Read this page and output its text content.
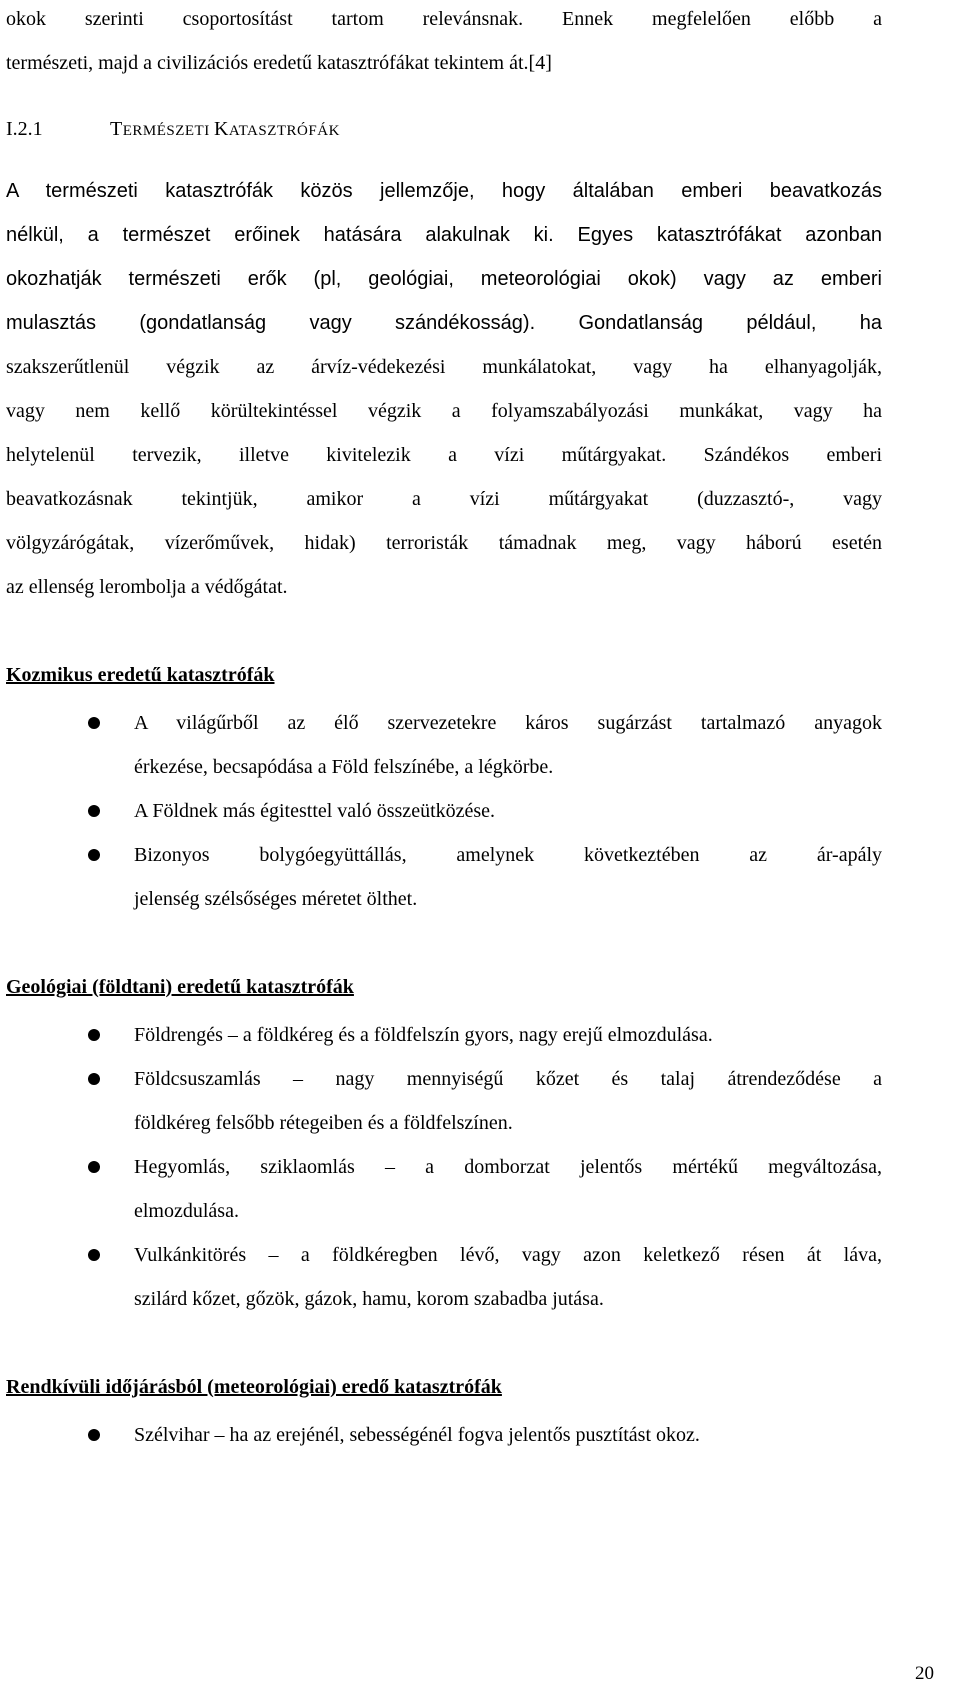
okok szerinti csoportosítást tartom relevánsnak. Ennek megfelelően előbb a
természeti, majd a civilizációs eredetű katasztrófákat tekintem át.[4]
I.2.1	TERMÉSZETI KATASZTRÓFÁK
A természeti katasztrófák közös jellemzője, hogy általában emberi beavatkozás
nélkül, a természet erőinek hatására alakulnak ki. Egyes katasztrófákat azonban
okozhatják természeti erők (pl, geológiai, meteorológiai okok) vagy az emberi
mulasztás (gondatlanság vagy szándékosság). Gondatlanság például, ha
szakszerűtlenül végzik az árvíz-védekezési munkálatokat, vagy ha elhanyagolják,
vagy nem kellő körültekintéssel végzik a folyamszabályozási munkákat, vagy ha
helytelenül tervezik, illetve kivitelezik a vízi műtárgyakat. Szándékos emberi
beavatkozásnak tekintjük, amikor a vízi műtárgyakat (duzzasztó-, vagy
völgyzárógátak, vízerőművek, hidak) terroristák támadnak meg, vagy háború esetén
az ellenség lerombolja a védőgátat.
Kozmikus eredetű katasztrófák
A világűrből az élő szervezetekre káros sugárzást tartalmazó anyagok
érkezése, becsapódása a Föld felszínébe, a légkörbe.
A Földnek más égitesttel való összeütközése.
Bizonyos bolygóegyüttállás, amelynek következtében az ár-apály
jelenség szélsőséges méretet ölthet.
Geológiai (földtani) eredetű katasztrófák
Földrengés – a földkéreg és a földfelszín gyors, nagy erejű elmozdulása.
Földcsuszamlás – nagy mennyiségű kőzet és talaj átrendeződése a
földkéreg felsőbb rétegeiben és a földfelszínen.
Hegyomlás, sziklaomlás – a domborzat jelentős mértékű megváltozása,
elmozdulása.
Vulkánkitörés – a földkéregben lévő, vagy azon keletkező résen át láva,
szilárd kőzet, gőzök, gázok, hamu, korom szabadba jutása.
Rendkívüli időjárásból (meteorológiai) eredő katasztrófák
Szélvihar – ha az erejénél, sebességénél fogva jelentős pusztítást okoz.
20
